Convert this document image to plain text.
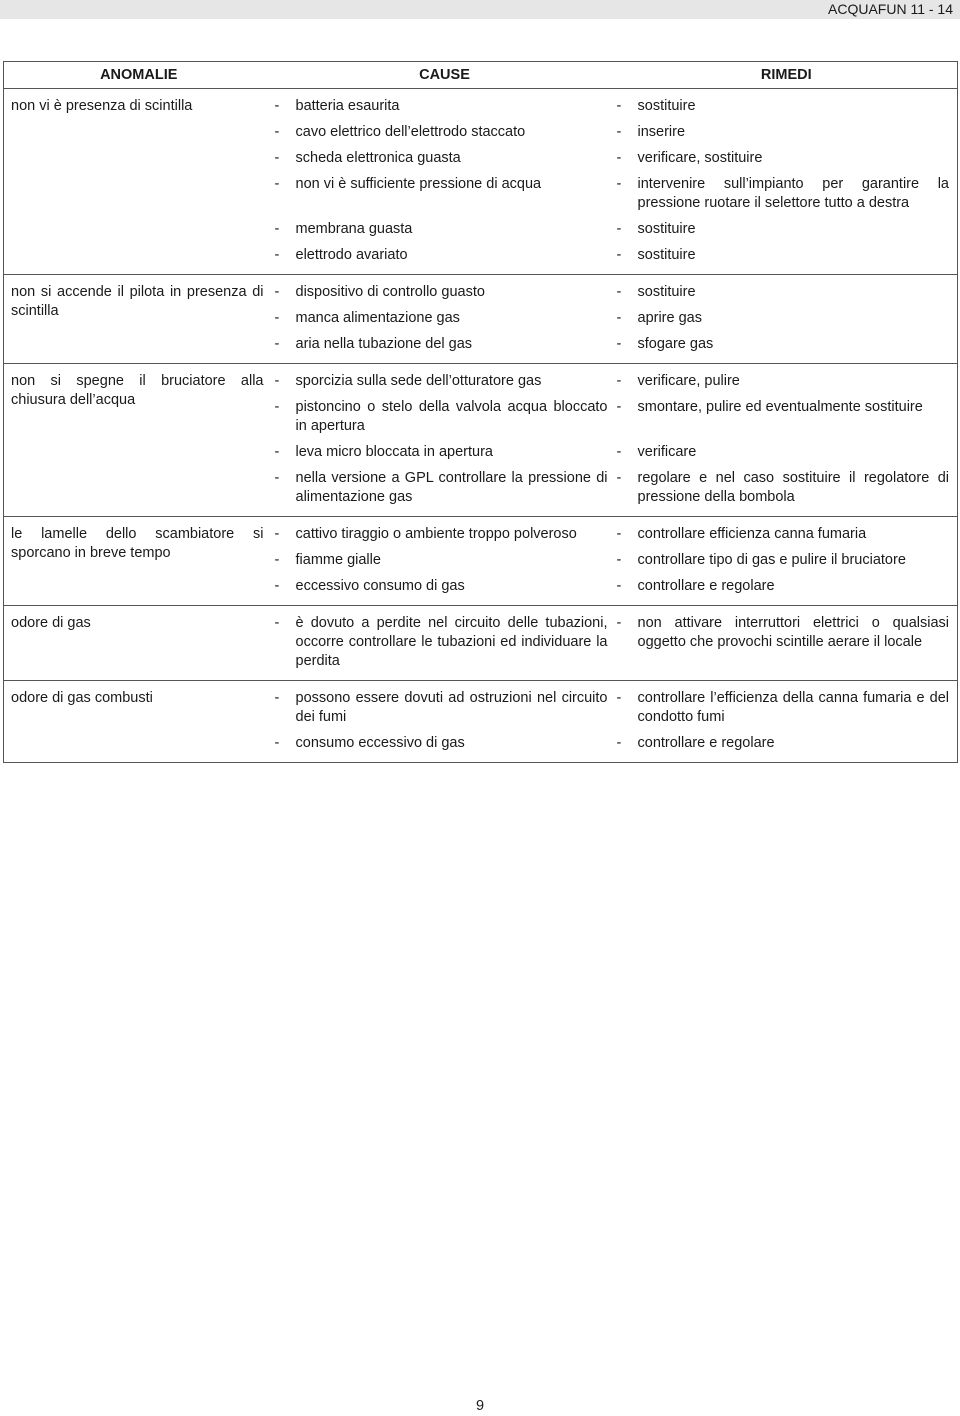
ACQUAFUN 11 - 14
ANOMALIE	CAUSE	RIMEDI
non vi è presenza di scintilla	- batteria esaurita	- sostituire

	- cavo elettrico dell’elettrodo staccato	- inserire

	- scheda elettronica guasta	- verificare, sostituire

	- non vi è sufficiente pressione di acqua	- intervenire sull’impianto per garantire la pressione ruotare il selettore tutto a destra

	- membrana guasta	- sostituire

	- elettrodo avariato	- sostituire

non si accende il pilota in presenza di scintilla	- dispositivo di controllo guasto	- sostituire

	- manca alimentazione gas	- aprire gas

	- aria nella tubazione del gas	- sfogare gas

non si spegne il bruciatore alla chiusura dell’acqua	- sporcizia sulla sede dell’otturatore gas	- verificare, pulire

	- pistoncino o stelo della valvola acqua bloccato in apertura	- smontare, pulire ed eventualmente sostituire

	- leva micro bloccata in apertura	- verificare

	- nella versione a GPL controllare la pressione di alimentazione gas	- regolare e nel caso sostituire il regolatore di pressione della bombola

le lamelle dello scambiatore si sporcano in breve tempo	- cattivo tiraggio o ambiente troppo polveroso	- controllare efficienza canna fumaria

	- fiamme gialle	- controllare tipo di gas e pulire il bruciatore

	- eccessivo consumo di gas	- controllare e regolare

odore di gas	- è dovuto a perdite nel circuito delle tubazioni, occorre controllare le tubazioni ed individuare la perdita	- non attivare interruttori elettrici o qualsiasi oggetto che provochi scintille aerare il locale

odore di gas combusti	- possono essere dovuti ad ostruzioni nel circuito dei fumi	- controllare l’efficienza della canna fumaria e del condotto fumi

	- consumo eccessivo di gas	- controllare e regolare
9
